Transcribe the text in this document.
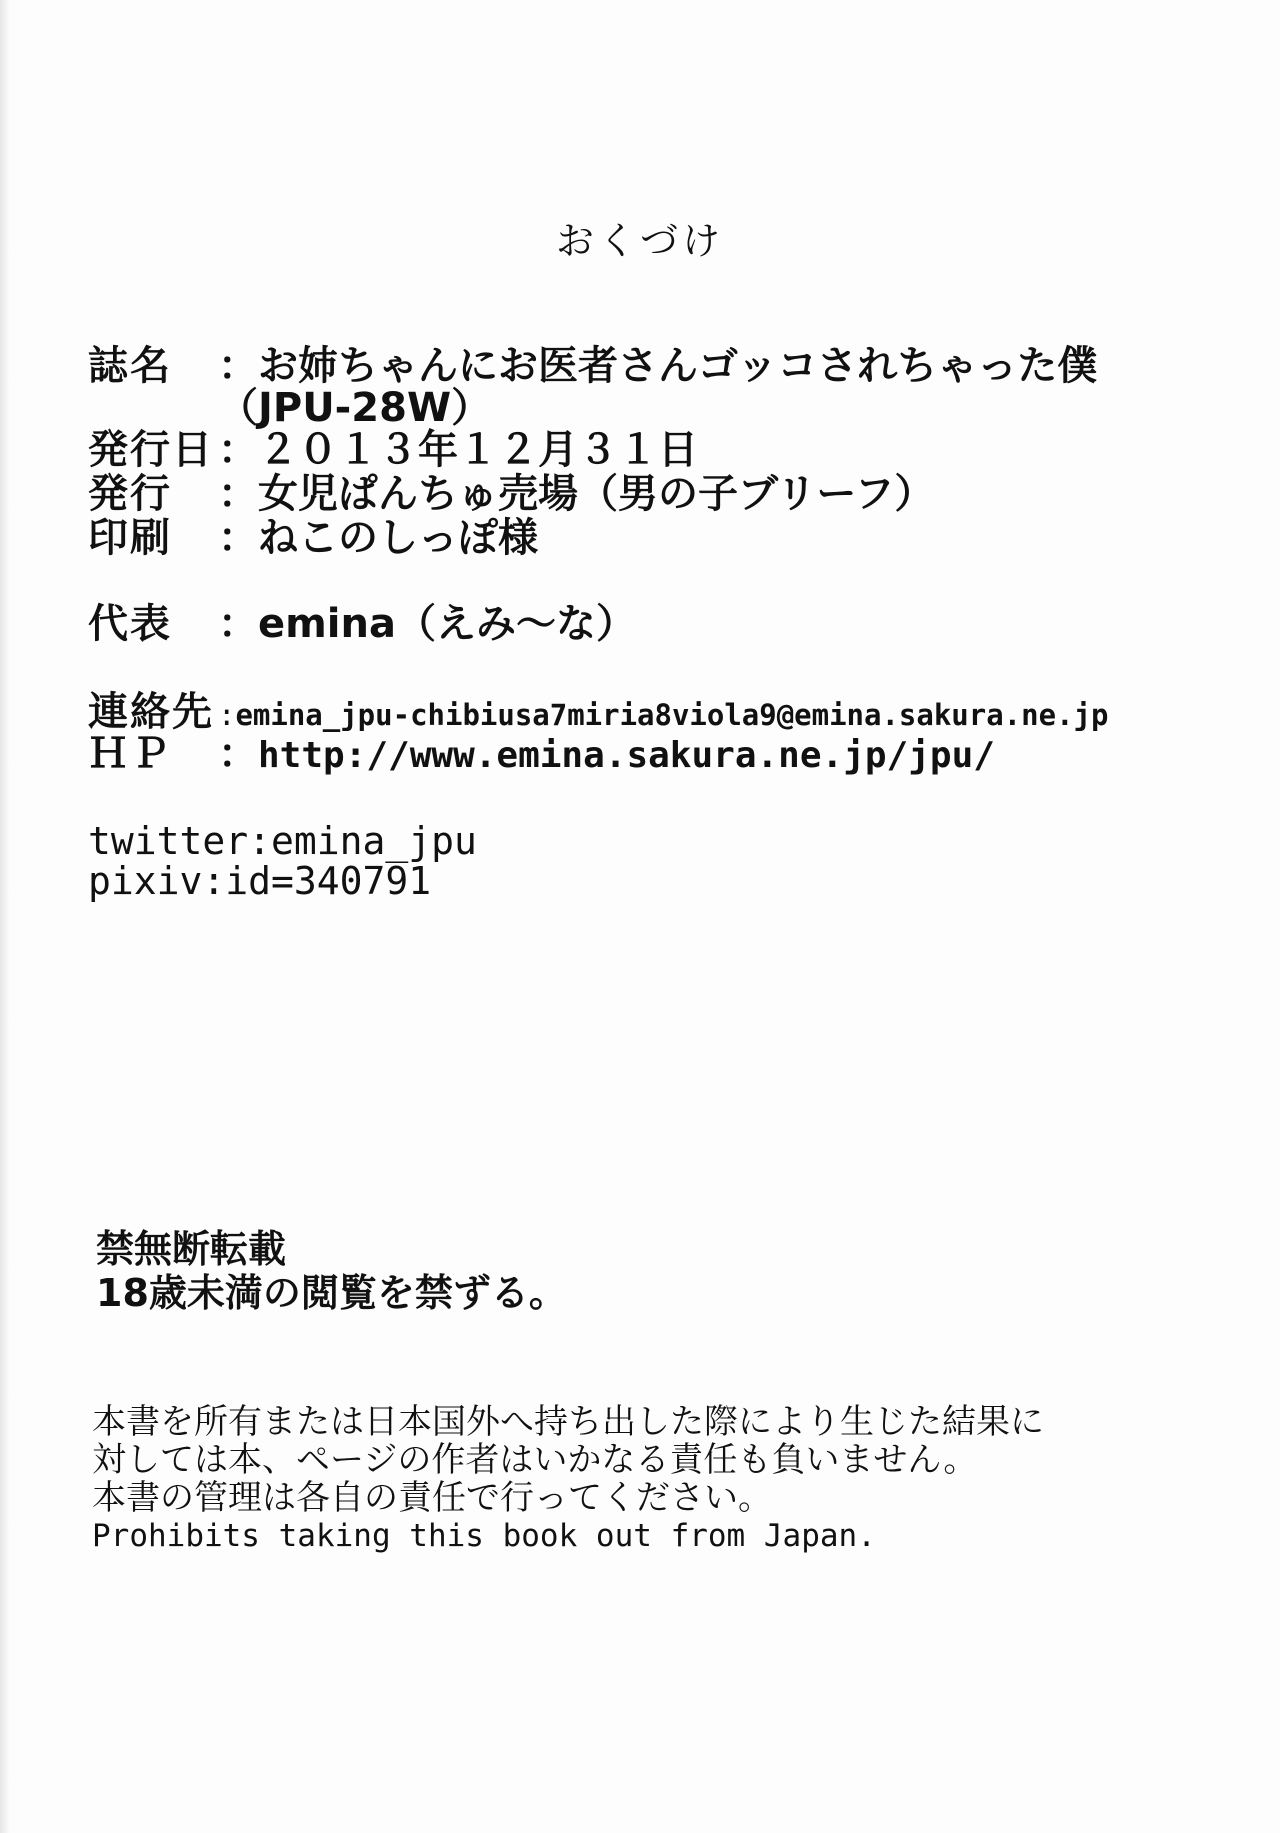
おくづけ
誌名 ：お姉ちゃんにお医者さんゴッコされちゃった僕
（JPU-28W）
発行日 ：２０１３年１２月３１日
発行 ：女児ぱんちゅ売場（男の子ブリーフ）
印刷 ：ねこのしっぽ様
代表 ：emina（えみ～な）
連絡先 :emina_jpu-chibiusa7miria8viola9@emina.sakura.ne.jp
ＨＰ ：http://www.emina.sakura.ne.jp/jpu/
twitter:emina_jpu
pixiv:id=340791
禁無断転載
18歳未満の閲覧を禁ずる。
本書を所有または日本国外へ持ち出した際により生じた結果に
対しては本、ページの作者はいかなる責任も負いません。
本書の管理は各自の責任で行ってください。
Prohibits taking this book out from Japan.
